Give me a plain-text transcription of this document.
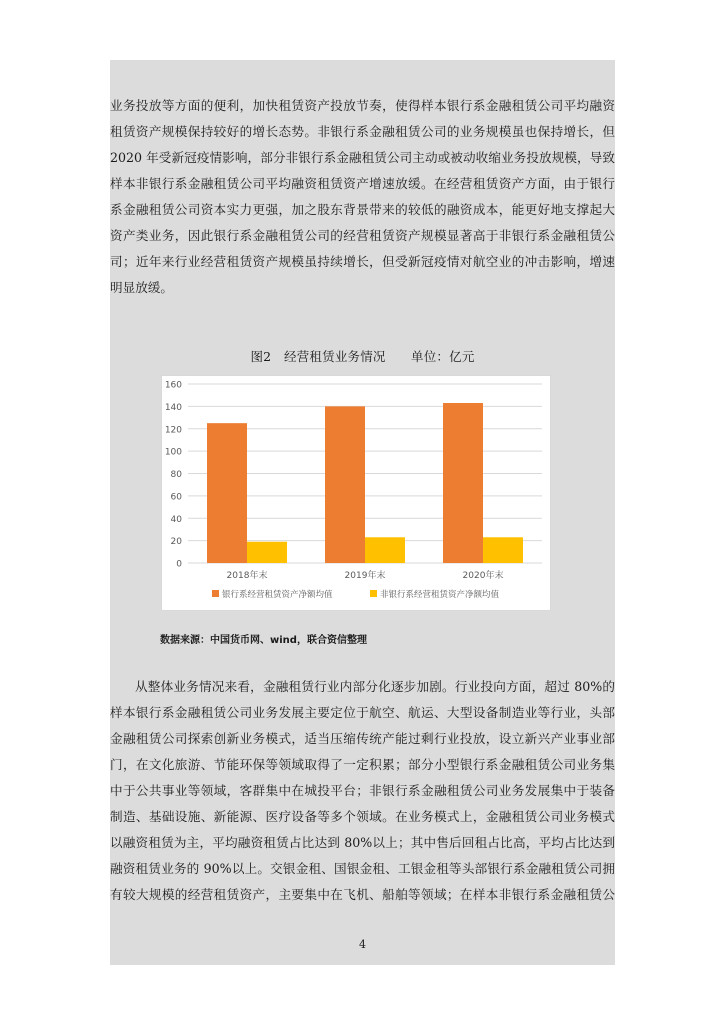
业务投放等方面的便利，加快租赁资产投放节奏，使得样本银行系金融租赁公司平均融资
租赁资产规模保持较好的增长态势。非银行系金融租赁公司的业务规模虽也保持增长，但
2020 年受新冠疫情影响，部分非银行系金融租赁公司主动或被动收缩业务投放规模，导致
样本非银行系金融租赁公司平均融资租赁资产增速放缓。在经营租赁资产方面，由于银行
系金融租赁公司资本实力更强，加之股东背景带来的较低的融资成本，能更好地支撑起大
资产类业务，因此银行系金融租赁公司的经营租赁资产规模显著高于非银行系金融租赁公
司；近年来行业经营租赁资产规模虽持续增长，但受新冠疫情对航空业的冲击影响，增速
明显放缓。
图2　经营租赁业务情况　　单位：亿元
0
20
40
60
80
100
120
140
160
2018年末	2019年末	2020年末
银行系经营租赁资产净额均值	非银行系经营租赁资产净额均值
数据来源：中国货币网、wind，联合资信整理
从整体业务情况来看，金融租赁行业内部分化逐步加剧。行业投向方面，超过 80%的
样本银行系金融租赁公司业务发展主要定位于航空、航运、大型设备制造业等行业，头部
金融租赁公司探索创新业务模式，适当压缩传统产能过剩行业投放，设立新兴产业事业部
门，在文化旅游、节能环保等领域取得了一定积累；部分小型银行系金融租赁公司业务集
中于公共事业等领域，客群集中在城投平台；非银行系金融租赁公司业务发展集中于装备
制造、基础设施、新能源、医疗设备等多个领域。在业务模式上，金融租赁公司业务模式
以融资租赁为主，平均融资租赁占比达到 80%以上；其中售后回租占比高，平均占比达到
融资租赁业务的 90%以上。交银金租、国银金租、工银金租等头部银行系金融租赁公司拥
有较大规模的经营租赁资产，主要集中在飞机、船舶等领域；在样本非银行系金融租赁公
4
